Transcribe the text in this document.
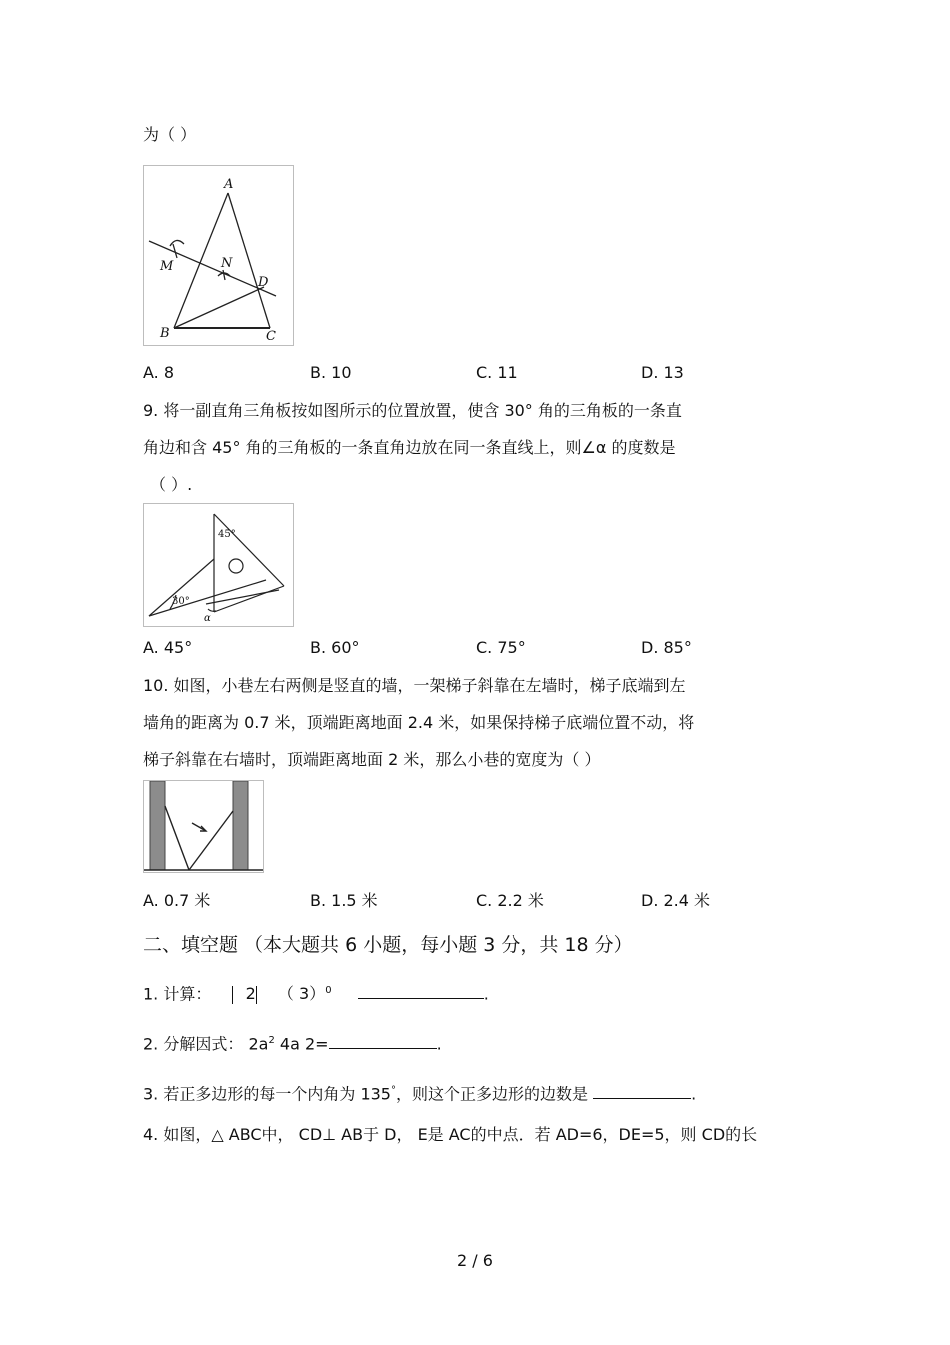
为（ ）
A
M	N
D
B	C
A. 8	B. 10	C. 11	D. 13
9. 将一副直角三角板按如图所示的位置放置，使含 30° 角的三角板的一条直
角边和含 45° 角的三角板的一条直角边放在同一条直线上，则∠α 的度数是
（ ）.
45°
30°
α
A. 45°	B. 60°	C. 75°	D. 85°
10. 如图，小巷左右两侧是竖直的墙，一架梯子斜靠在左墙时，梯子底端到左
墙角的距离为 0.7 米，顶端距离地面 2.4 米，如果保持梯子底端位置不动，将
梯子斜靠在右墙时，顶端距离地面 2 米，那么小巷的宽度为（ ）
A. 0.7 米	B. 1.5 米	C. 2.2 米	D. 2.4 米
二、填空题 （本大题共 6 小题，每小题 3 分，共 18 分）
1. 计算： 2 （ 3）$^0$	.
2. 分解因式： $2a^2$ 4a 2=	.
3. 若正多边形的每一个内角为 135°，则这个正多边形的边数是	.
4. 如图，△ ABC中， CD⊥ AB于 D， E是 AC的中点．若 AD=6，DE=5，则 CD的长
2 / 6
